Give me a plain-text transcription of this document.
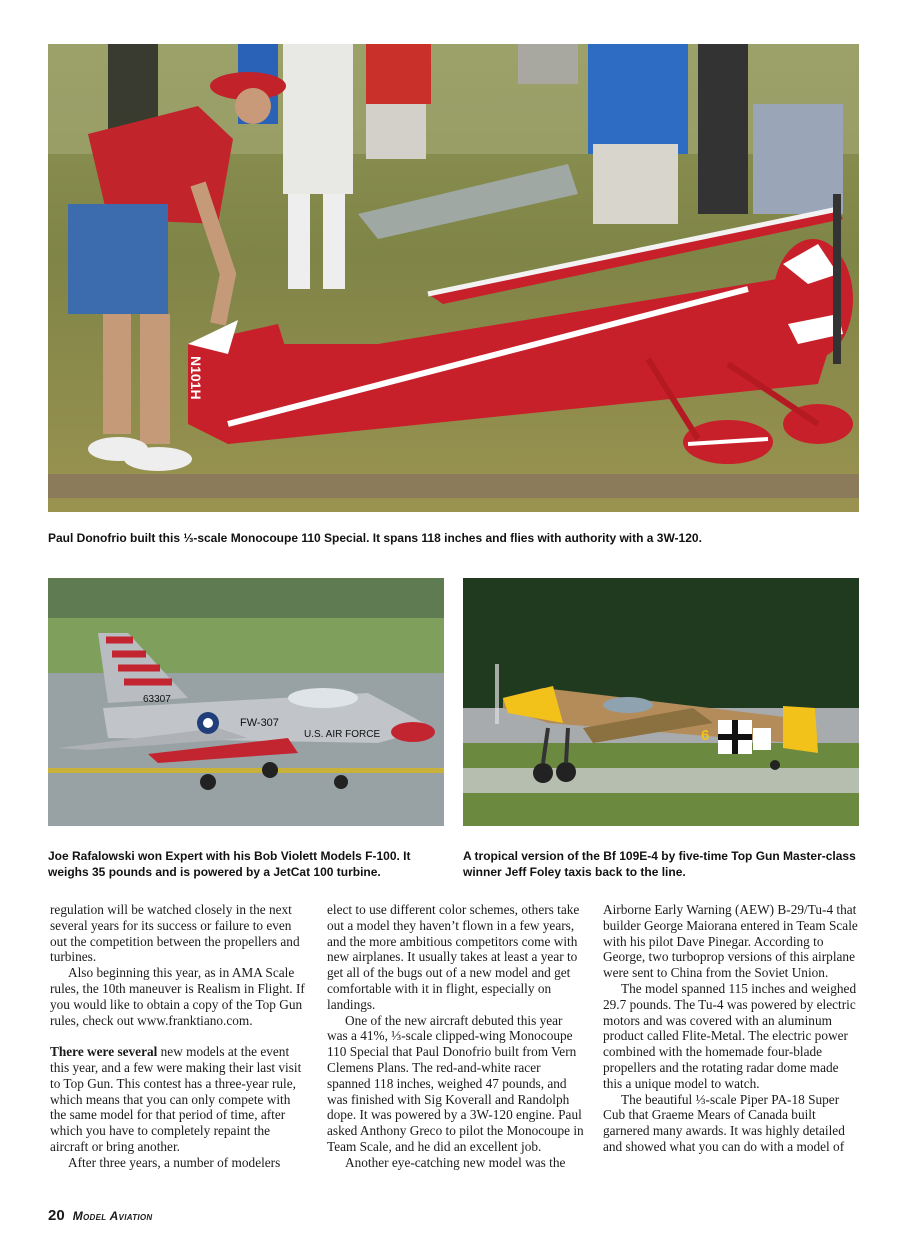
N101H
Paul Donofrio built this ⅓-scale Monocoupe 110 Special. It spans 118 inches and flies with authority with a 3W-120.
63307
FW-307
U.S. AIR FORCE	6
Joe Rafalowski won Expert with his Bob Violett Models F-100. It weighs 35 pounds and is powered by a JetCat 100 turbine.
A tropical version of the Bf 109E-4 by five-time Top Gun Master-class winner Jeff Foley taxis back to the line.

regulation will be watched closely in the next several years for its success or failure to even out the competition between the propellers and turbines.

Also beginning this year, as in AMA Scale rules, the 10th maneuver is Realism in Flight. If you would like to obtain a copy of the Top Gun rules, check out www.franktiano.com.

There were several new models at the event this year, and a few were making their last visit to Top Gun. This contest has a three-year rule, which means that you can only compete with the same model for that period of time, after which you have to completely repaint the aircraft or bring another.

After three years, a number of modelers

elect to use different color schemes, others take out a model they haven’t flown in a few years, and the more ambitious competitors come with new airplanes. It usually takes at least a year to get all of the bugs out of a new model and get comfortable with it in flight, especially on landings.

One of the new aircraft debuted this year was a 41%, ⅓-scale clipped-wing Monocoupe 110 Special that Paul Donofrio built from Vern Clemens Plans. The red-and-white racer spanned 118 inches, weighed 47 pounds, and was finished with Sig Koverall and Randolph dope. It was powered by a 3W-120 engine. Paul asked Anthony Greco to pilot the Monocoupe in Team Scale, and he did an excellent job.

Another eye-catching new model was the

Airborne Early Warning (AEW) B-29/Tu-4 that builder George Maiorana entered in Team Scale with his pilot Dave Pinegar. According to George, two turboprop versions of this airplane were sent to China from the Soviet Union.

The model spanned 115 inches and weighed 29.7 pounds. The Tu-4 was powered by electric motors and was covered with an aluminum product called Flite-Metal. The electric power combined with the homemade four-blade propellers and the rotating radar dome made this a unique model to watch.

The beautiful ⅓-scale Piper PA-18 Super Cub that Graeme Mears of Canada built garnered many awards. It was highly detailed and showed what you can do with a model of

20 Model Aviation
